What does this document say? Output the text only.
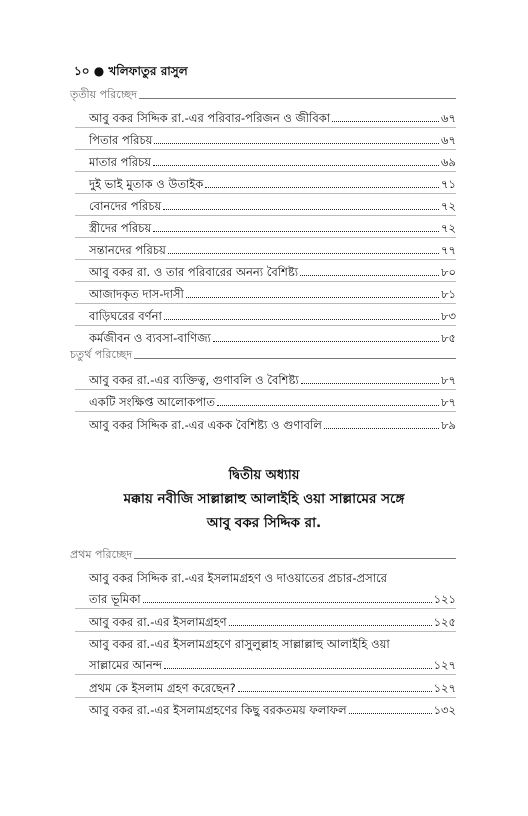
১০ ● খলিফাতুর রাসুল
তৃতীয় পরিচ্ছেদ
আবু বকর সিদ্দিক রা.-এর পরিবার-পরিজন ও জীবিকা	৬৭
পিতার পরিচয়	৬৭
মাতার পরিচয়	৬৯
দুই ভাই মুতাক ও উতাইক	৭১
বোনদের পরিচয়	৭২
স্ত্রীদের পরিচয়	৭২
সন্তানদের পরিচয়	৭৭
আবু বকর রা. ও তার পরিবারের অনন্য বৈশিষ্ট্য	৮০
আজাদকৃত দাস-দাসী	৮১
বাড়িঘরের বর্ণনা	৮৩
কর্মজীবন ও ব্যবসা-বাণিজ্য	৮৫
চতুর্থ পরিচ্ছেদ
আবু বকর রা.-এর ব্যক্তিত্ব, গুণাবলি ও বৈশিষ্ট্য	৮৭
একটি সংক্ষিপ্ত আলোকপাত	৮৭
আবু বকর সিদ্দিক রা.-এর একক বৈশিষ্ট্য ও গুণাবলি	৮৯
দ্বিতীয় অধ্যায়
মক্কায় নবীজি সাল্লাল্লাহু আলাইহি ওয়া সাল্লামের সঙ্গে
আবু বকর সিদ্দিক রা.
প্রথম পরিচ্ছেদ
আবু বকর সিদ্দিক রা.-এর ইসলামগ্রহণ ও দাওয়াতের প্রচার-প্রসারে
তার ভূমিকা	১২১
আবু বকর রা.-এর ইসলামগ্রহণ	১২৫
আবু বকর রা.-এর ইসলামগ্রহণে রাসুলুল্লাহ সাল্লাল্লাহু আলাইহি ওয়া
সাল্লামের আনন্দ	১২৭
প্রথম কে ইসলাম গ্রহণ করেছেন?	১২৭
আবু বকর রা.-এর ইসলামগ্রহণের কিছু বরকতময় ফলাফল	১৩২
